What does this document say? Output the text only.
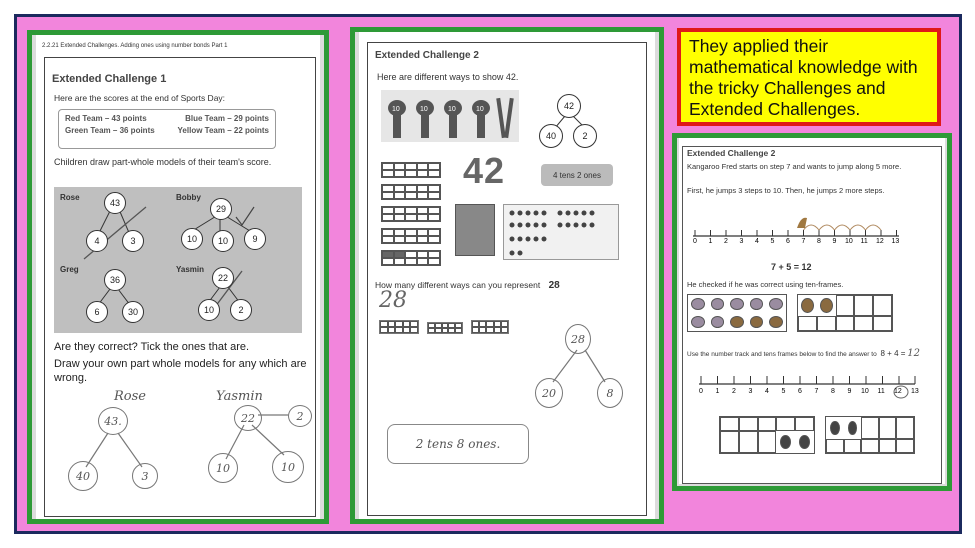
2.2.21 Extended Challenges. Adding ones using number bonds Part 1
Extended Challenge 1
Here are the scores at the end of Sports Day:
Red Team – 43 points	Blue Team – 29 points
Green Team – 36 points	Yellow Team – 22 points
Children draw part-whole models of their team's score.
Rose
43
4	3
Bobby
29
10	10	9
Greg
36
6	30
Yasmin
22
10	2
Are they correct? Tick the ones that are.
Draw your own part whole models for any which are wrong.
Rose
43.
40	3
Yasmin
22	2
10	10
Extended Challenge 2
Here are different ways to show 42.
10	10	10	10	42
40	2
42	4 tens 2 ones
How many different ways can you represent 28
28
28
20	8
2 tens 8 ones.
They applied their mathematical knowledge with the tricky Challenges and Extended Challenges.
Extended Challenge 2
Kangaroo Fred starts on step 7 and wants to jump along 5 more.
First, he jumps 3 steps to 10. Then, he jumps 2 more steps.
0 1 2 3 4 5 6 7 8 9 10 11 12 13
7 + 5 = 12
He checked if he was correct using ten-frames.
Use the number track and tens frames below to find the answer to 8 + 4 = 12
0 1 2 3 4 5 6 7 8 9 10 11 12 13
